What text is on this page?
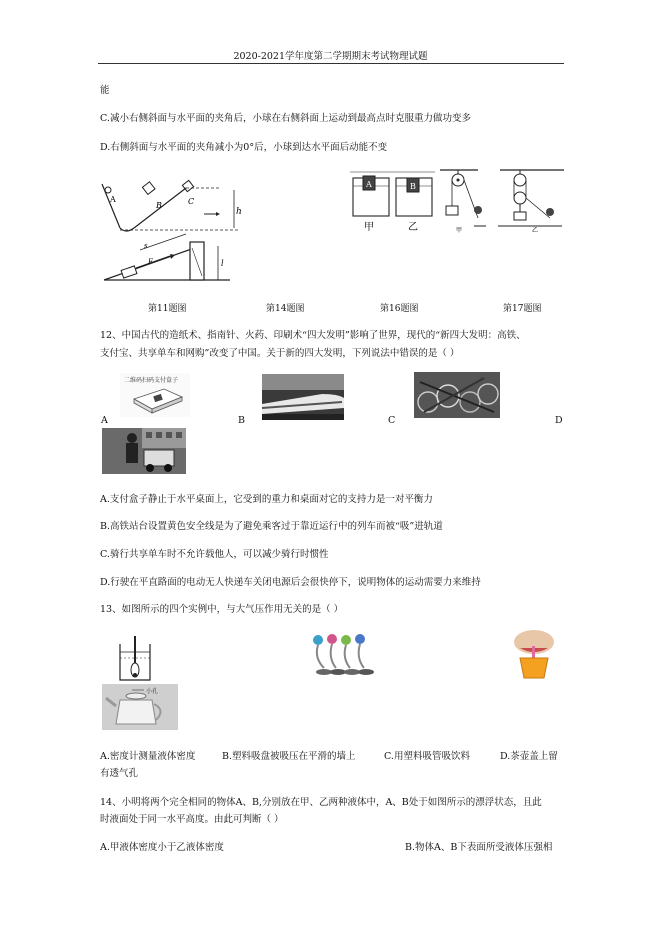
2020-2021学年度第二学期期末考试物理试题
能
C.减小右侧斜面与水平面的夹角后，小球在右侧斜面上运动到最高点时克服重力做功变多
D.右侧斜面与水平面的夹角减小为0°后，小球到达水平面后动能不变
h
A
B	C
s
F	l
A	B
甲	乙	甲	乙
第11题图	第14题图	第16题图	第17题图
12、中国古代的造纸术、指南针、火药、印刷术“四大发明”影响了世界，现代的“新四大发明：高铁、
支付宝、共享单车和网购”改变了中国。关于新的四大发明，下列说法中错误的是（ ）
二维码扫码支付盒子
A	B	C	D
A.支付盒子静止于水平桌面上，它受到的重力和桌面对它的支持力是一对平衡力
B.高铁站台设置黄色安全线是为了避免乘客过于靠近运行中的列车而被“吸”进轨道
C.骑行共享单车时不允许载他人，可以减少骑行时惯性
D.行驶在平直路面的电动无人快递车关闭电源后会很快停下，说明物体的运动需要力来维持
13、如图所示的四个实例中，与大气压作用无关的是（ ）
小孔
A.密度计测量液体密度	B.塑料吸盘被吸压在平滑的墙上	C.用塑料吸管吸饮料	D.茶壶盖上留
有透气孔
14、小明将两个完全相同的物体A、B,分别放在甲、乙两种液体中，A、B处于如图所示的漂浮状态，且此
时液面处于同一水平高度。由此可判断（ ）
A.甲液体密度小于乙液体密度	B.物体A、B下表面所受液体压强相
